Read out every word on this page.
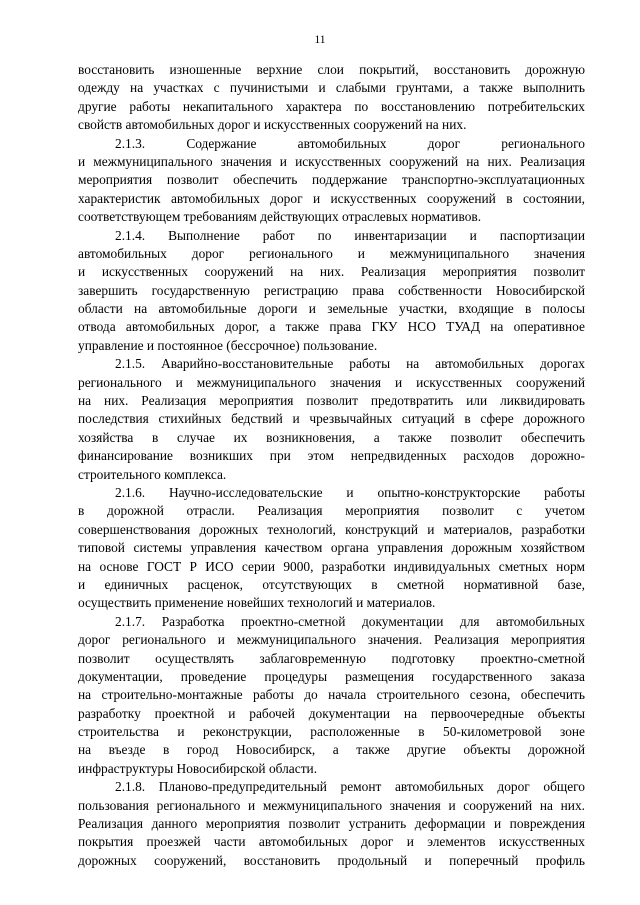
11
восстановить изношенные верхние слои покрытий, восстановить дорожную
одежду на участках с пучинистыми и слабыми грунтами, а также выполнить
другие работы некапитального характера по восстановлению потребительских
свойств автомобильных дорог и искусственных сооружений на них.
2.1.3. Содержание автомобильных дорог регионального
и межмуниципального значения и искусственных сооружений на них. Реализация
мероприятия позволит обеспечить поддержание транспортно-эксплуатационных
характеристик автомобильных дорог и искусственных сооружений в состоянии,
соответствующем требованиям действующих отраслевых нормативов.
2.1.4. Выполнение работ по инвентаризации и паспортизации
автомобильных дорог регионального и межмуниципального значения
и искусственных сооружений на них. Реализация мероприятия позволит
завершить государственную регистрацию права собственности Новосибирской
области на автомобильные дороги и земельные участки, входящие в полосы
отвода автомобильных дорог, а также права ГКУ НСО ТУАД на оперативное
управление и постоянное (бессрочное) пользование.
2.1.5. Аварийно-восстановительные работы на автомобильных дорогах
регионального и межмуниципального значения и искусственных сооружений
на них. Реализация мероприятия позволит предотвратить или ликвидировать
последствия стихийных бедствий и чрезвычайных ситуаций в сфере дорожного
хозяйства в случае их возникновения, а также позволит обеспечить
финансирование возникших при этом непредвиденных расходов дорожно-
строительного комплекса.
2.1.6. Научно-исследовательские и опытно-конструкторские работы
в дорожной отрасли. Реализация мероприятия позволит с учетом
совершенствования дорожных технологий, конструкций и материалов, разработки
типовой системы управления качеством органа управления дорожным хозяйством
на основе ГОСТ Р ИСО серии 9000, разработки индивидуальных сметных норм
и единичных расценок, отсутствующих в сметной нормативной базе,
осуществить применение новейших технологий и материалов.
2.1.7. Разработка проектно-сметной документации для автомобильных
дорог регионального и межмуниципального значения. Реализация мероприятия
позволит осуществлять заблаговременную подготовку проектно-сметной
документации, проведение процедуры размещения государственного заказа
на строительно-монтажные работы до начала строительного сезона, обеспечить
разработку проектной и рабочей документации на первоочередные объекты
строительства и реконструкции, расположенные в 50-километровой зоне
на въезде в город Новосибирск, а также другие объекты дорожной
инфраструктуры Новосибирской области.
2.1.8. Планово-предупредительный ремонт автомобильных дорог общего
пользования регионального и межмуниципального значения и сооружений на них.
Реализация данного мероприятия позволит устранить деформации и повреждения
покрытия проезжей части автомобильных дорог и элементов искусственных
дорожных сооружений, восстановить продольный и поперечный профиль
